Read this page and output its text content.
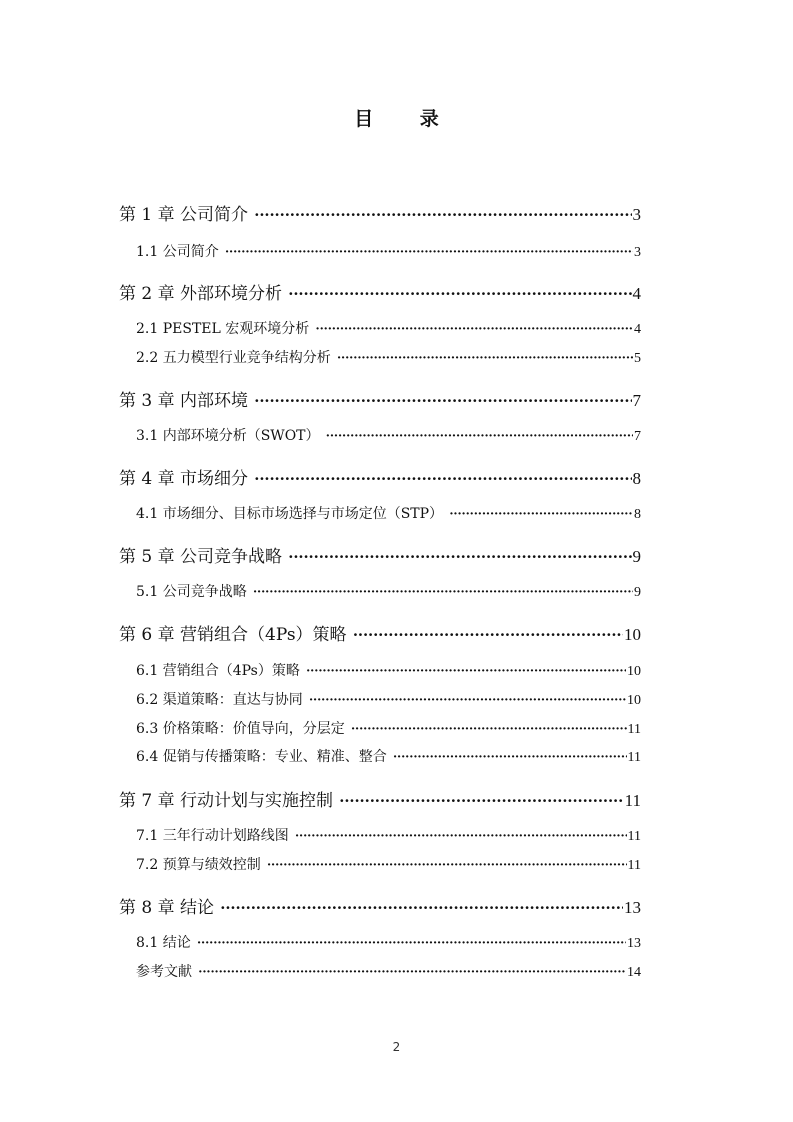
目 录
第 1 章 公司简介 ·····	3
1.1 公司简介 ·····	3
第 2 章 外部环境分析 ·····	4
2.1 PESTEL 宏观环境分析 ·····	4
2.2 五力模型行业竞争结构分析 ·····	5
第 3 章 内部环境 ·····	7
3.1 内部环境分析（SWOT） ·····	7
第 4 章 市场细分 ·····	8
4.1 市场细分、目标市场选择与市场定位（STP） ·····	8
第 5 章 公司竞争战略 ·····	9
5.1 公司竞争战略 ·····	9
第 6 章 营销组合（4Ps）策略 ·····	10
6.1 营销组合（4Ps）策略 ·····	10
6.2 渠道策略：直达与协同 ·····	10
6.3 价格策略：价值导向，分层定 ·····	11
6.4 促销与传播策略：专业、精准、整合 ·····	11
第 7 章 行动计划与实施控制 ·····	11
7.1 三年行动计划路线图 ·····	11
7.2 预算与绩效控制 ·····	11
第 8 章 结论 ·····	13
8.1 结论 ·····	13
参考文献 ·····	14
2
